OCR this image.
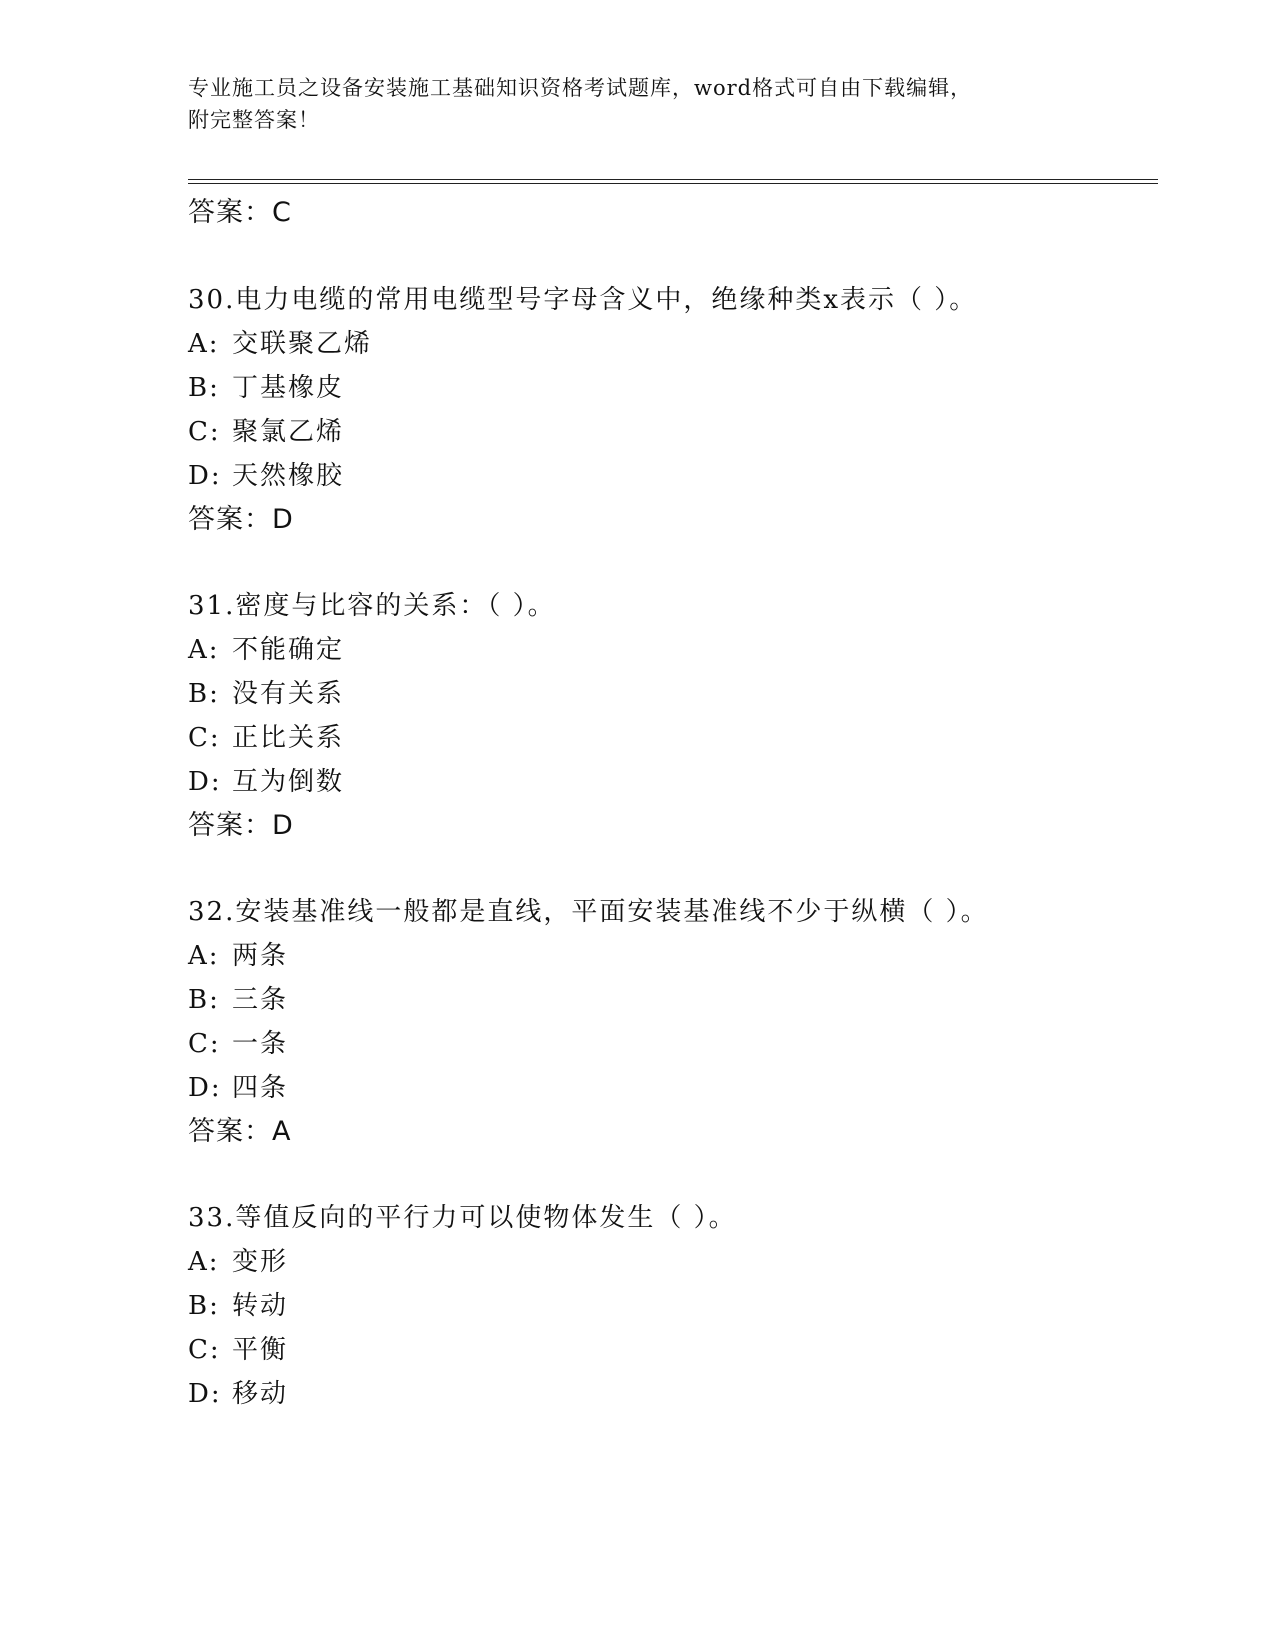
专业施工员之设备安装施工基础知识资格考试题库，word格式可自由下载编辑，
附完整答案！
答案：C
30.电力电缆的常用电缆型号字母含义中，绝缘种类x表示（ ）。
A: 交联聚乙烯
B: 丁基橡皮
C: 聚氯乙烯
D: 天然橡胶
答案：D
31.密度与比容的关系：（ ）。
A: 不能确定
B: 没有关系
C: 正比关系
D: 互为倒数
答案：D
32.安装基准线一般都是直线，平面安装基准线不少于纵横（ ）。
A: 两条
B: 三条
C: 一条
D: 四条
答案：A
33.等值反向的平行力可以使物体发生（ ）。
A: 变形
B: 转动
C: 平衡
D: 移动
